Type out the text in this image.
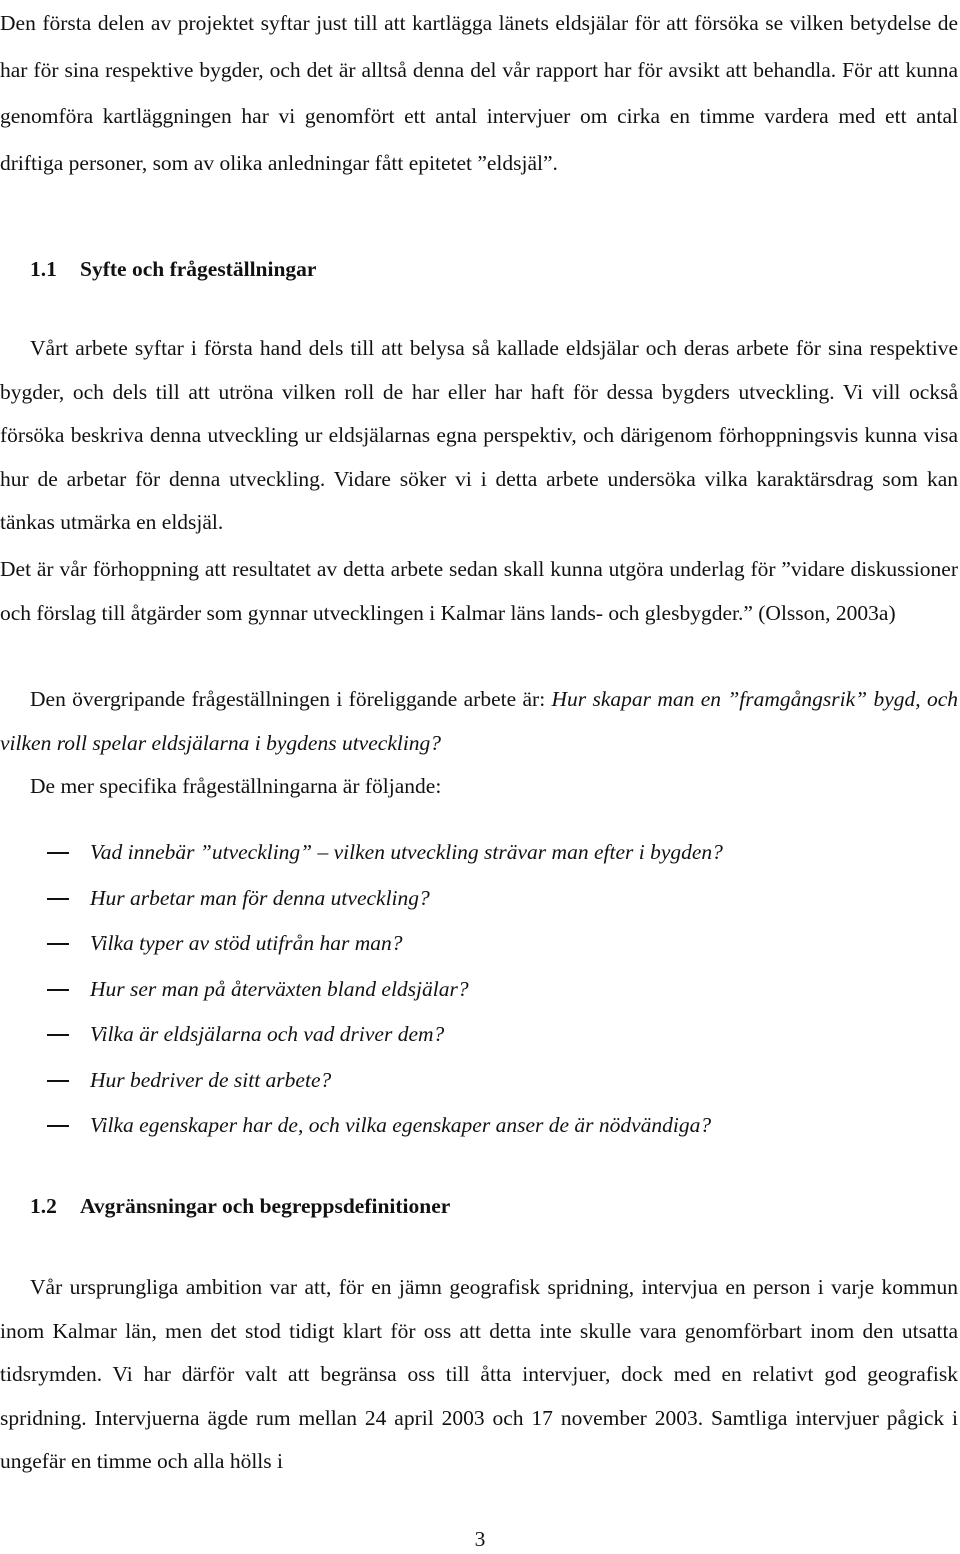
Den första delen av projektet syftar just till att kartlägga länets eldsjälar för att försöka se vilken betydelse de har för sina respektive bygder, och det är alltså denna del vår rapport har för avsikt att behandla. För att kunna genomföra kartläggningen har vi genomfört ett antal intervjuer om cirka en timme vardera med ett antal driftiga personer, som av olika anledningar fått epitetet ”eldsjäl”.

1.1 Syfte och frågeställningar

Vårt arbete syftar i första hand dels till att belysa så kallade eldsjälar och deras arbete för sina respektive bygder, och dels till att utröna vilken roll de har eller har haft för dessa bygders utveckling. Vi vill också försöka beskriva denna utveckling ur eldsjälarnas egna perspektiv, och därigenom förhoppningsvis kunna visa hur de arbetar för denna utveckling. Vidare söker vi i detta arbete undersöka vilka karaktärsdrag som kan tänkas utmärka en eldsjäl.

Det är vår förhoppning att resultatet av detta arbete sedan skall kunna utgöra underlag för ”vidare diskussioner och förslag till åtgärder som gynnar utvecklingen i Kalmar läns lands- och glesbygder.” (Olsson, 2003a)

Den övergripande frågeställningen i föreliggande arbete är: Hur skapar man en ”framgångsrik” bygd, och vilken roll spelar eldsjälarna i bygdens utveckling?

De mer specifika frågeställningarna är följande:

Vad innebär ”utveckling” – vilken utveckling strävar man efter i bygden?
Hur arbetar man för denna utveckling?
Vilka typer av stöd utifrån har man?
Hur ser man på återväxten bland eldsjälar?
Vilka är eldsjälarna och vad driver dem?
Hur bedriver de sitt arbete?
Vilka egenskaper har de, och vilka egenskaper anser de är nödvändiga?
1.2 Avgränsningar och begreppsdefinitioner

Vår ursprungliga ambition var att, för en jämn geografisk spridning, intervjua en person i varje kommun inom Kalmar län, men det stod tidigt klart för oss att detta inte skulle vara genomförbart inom den utsatta tidsrymden. Vi har därför valt att begränsa oss till åtta intervjuer, dock med en relativt god geografisk spridning. Intervjuerna ägde rum mellan 24 april 2003 och 17 november 2003. Samtliga intervjuer pågick i ungefär en timme och alla hölls i

3
